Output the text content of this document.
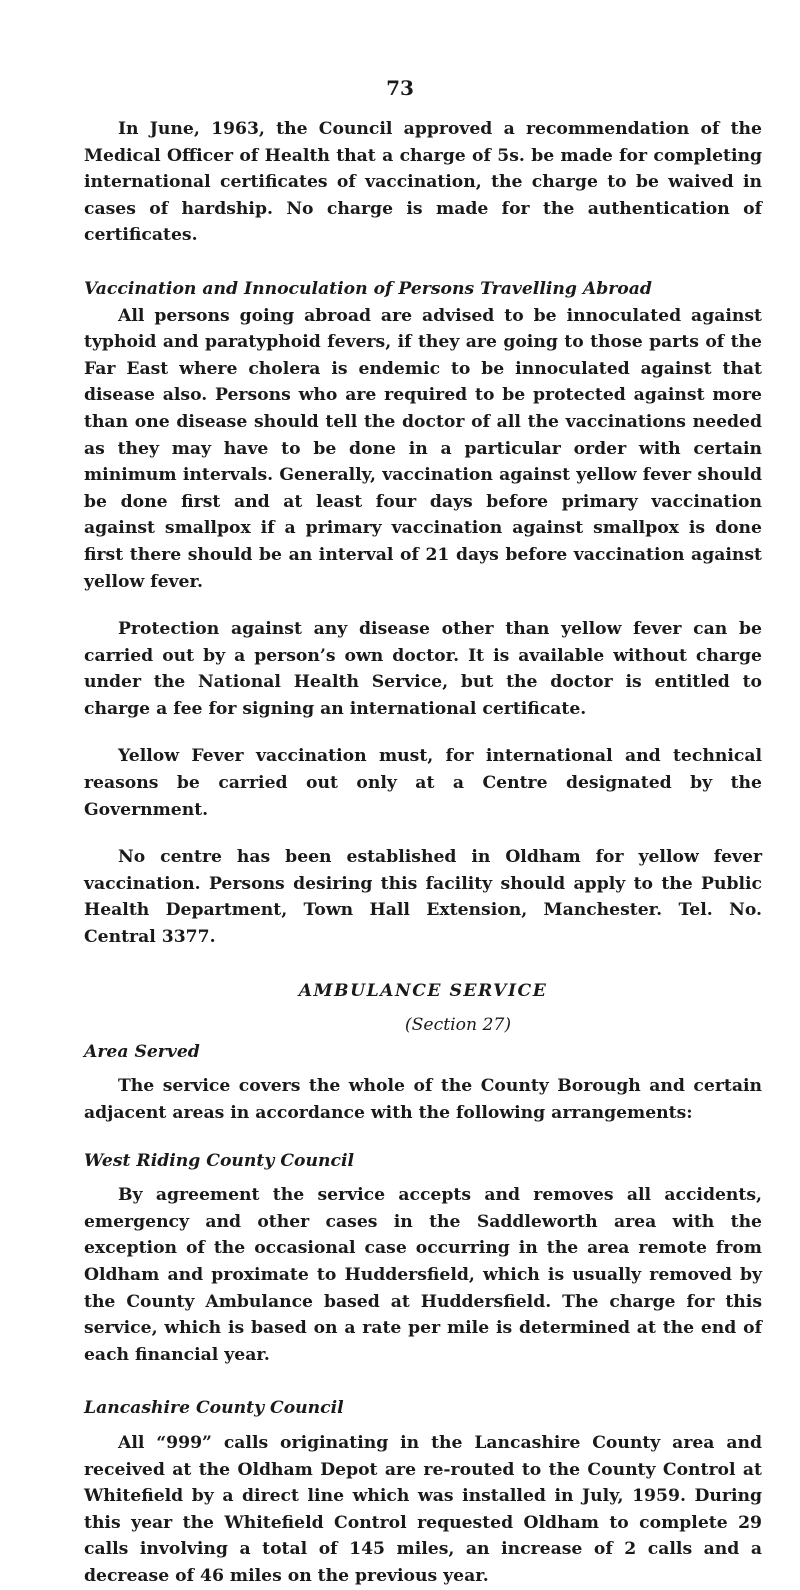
73

In June, 1963, the Council approved a recommendation of the Medical Officer of Health that a charge of 5s. be made for completing international certificates of vaccination, the charge to be waived in cases of hardship. No charge is made for the authentication of certificates.

Vaccination and Innoculation of Persons Travelling Abroad

All persons going abroad are advised to be innoculated against typhoid and paratyphoid fevers, if they are going to those parts of the Far East where cholera is endemic to be innoculated against that disease also. Persons who are required to be protected against more than one disease should tell the doctor of all the vaccinations needed as they may have to be done in a particular order with certain minimum intervals. Generally, vaccination against yellow fever should be done first and at least four days before primary vaccination against smallpox if a primary vaccination against smallpox is done first there should be an interval of 21 days before vaccination against yellow fever.

Protection against any disease other than yellow fever can be carried out by a person’s own doctor. It is available without charge under the National Health Service, but the doctor is entitled to charge a fee for signing an international certificate.

Yellow Fever vaccination must, for international and technical reasons be carried out only at a Centre designated by the Government.

No centre has been established in Oldham for yellow fever vaccination. Persons desiring this facility should apply to the Public Health Department, Town Hall Extension, Manchester. Tel. No. Central 3377.

AMBULANCE SERVICE
(Section 27)
Area Served

The service covers the whole of the County Borough and certain adjacent areas in accordance with the following arrangements:

West Riding County Council

By agreement the service accepts and removes all accidents, emergency and other cases in the Saddleworth area with the exception of the occasional case occurring in the area remote from Oldham and proximate to Huddersfield, which is usually removed by the County Ambulance based at Huddersfield. The charge for this service, which is based on a rate per mile is determined at the end of each financial year.

Lancashire County Council

All “999” calls originating in the Lancashire County area and received at the Oldham Depot are re-routed to the County Control at Whitefield by a direct line which was installed in July, 1959. During this year the Whitefield Control requested Oldham to complete 29 calls involving a total of 145 miles, an increase of 2 calls and a decrease of 46 miles on the previous year.
